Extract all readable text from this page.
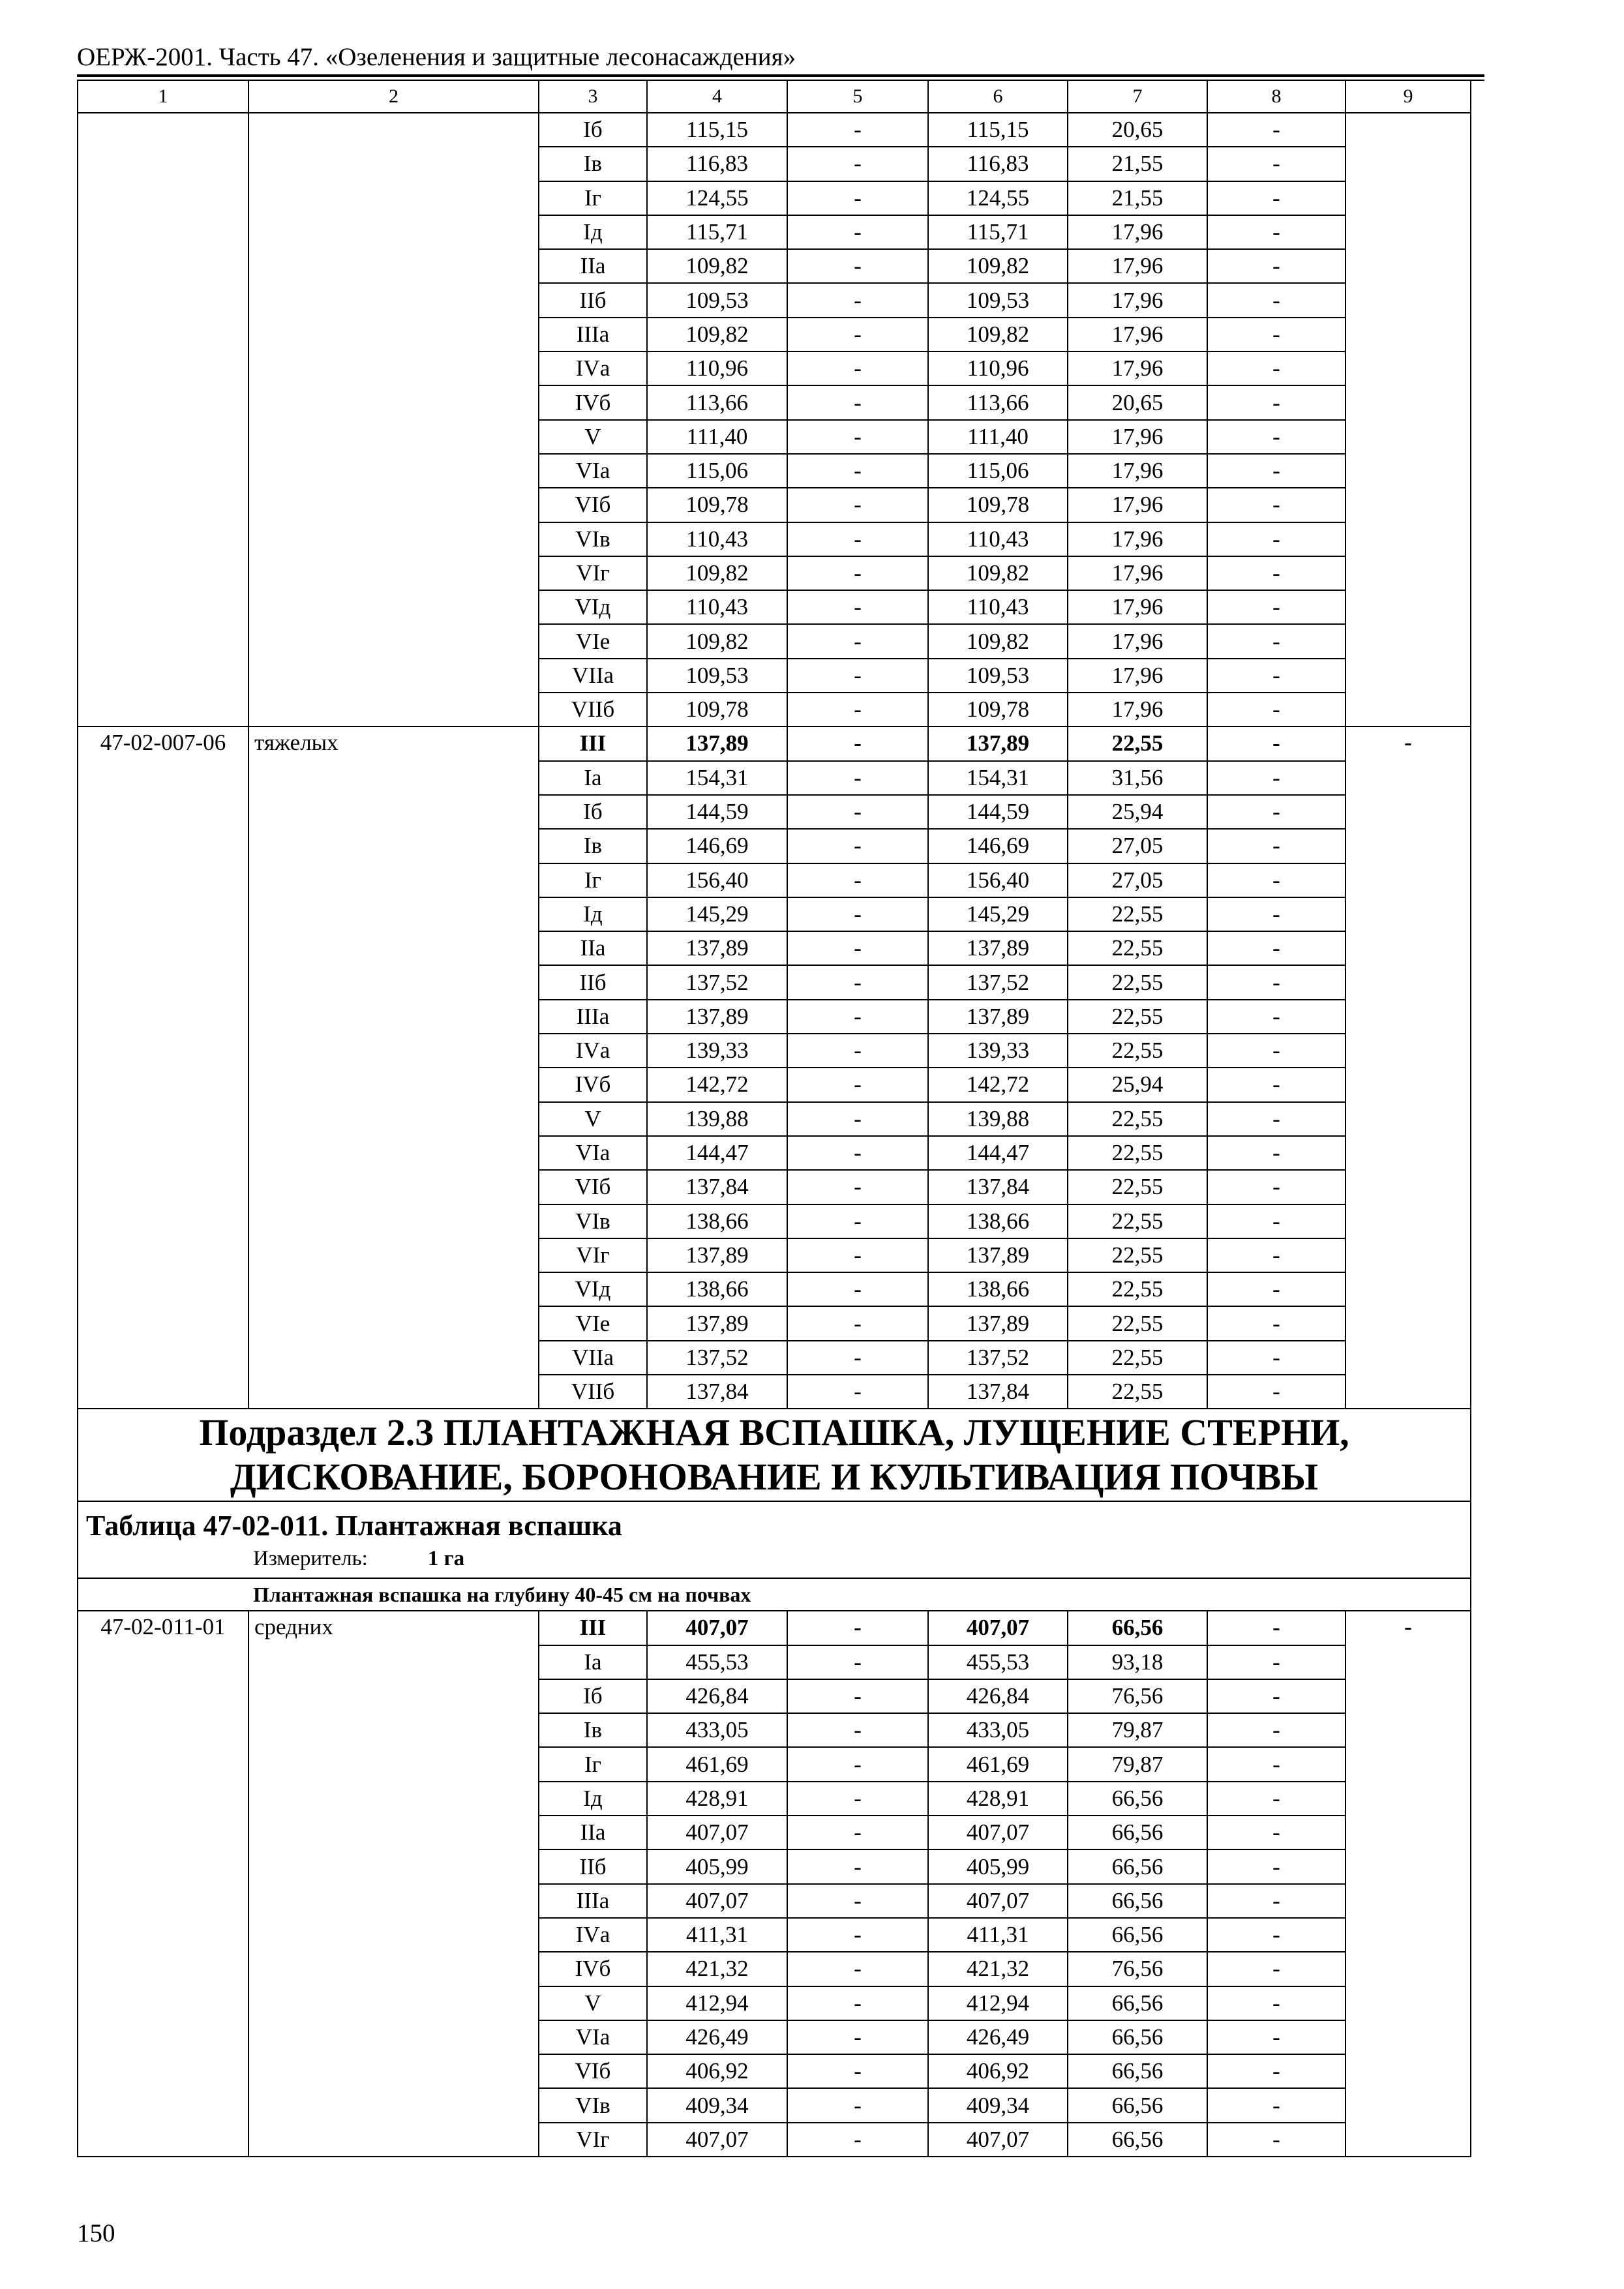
ОЕРЖ-2001. Часть 47. «Озеленения и защитные лесонасаждения»
1	2	3	4	5	6	7	8	9
		Iб	115,15	-	115,15	20,65	-	
		Iв	116,83	-	116,83	21,55	-	
		Iг	124,55	-	124,55	21,55	-	
		Iд	115,71	-	115,71	17,96	-	
		IIа	109,82	-	109,82	17,96	-	
		IIб	109,53	-	109,53	17,96	-	
		IIIа	109,82	-	109,82	17,96	-	
		IVа	110,96	-	110,96	17,96	-	
		IVб	113,66	-	113,66	20,65	-	
		V	111,40	-	111,40	17,96	-	
		VIа	115,06	-	115,06	17,96	-	
		VIб	109,78	-	109,78	17,96	-	
		VIв	110,43	-	110,43	17,96	-	
		VIг	109,82	-	109,82	17,96	-	
		VIд	110,43	-	110,43	17,96	-	
		VIе	109,82	-	109,82	17,96	-	
		VIIа	109,53	-	109,53	17,96	-	
		VIIб	109,78	-	109,78	17,96	-	
47-02-007-06	тяжелых	III	137,89	-	137,89	22,55	-	-
		Iа	154,31	-	154,31	31,56	-	
		Iб	144,59	-	144,59	25,94	-	
		Iв	146,69	-	146,69	27,05	-	
		Iг	156,40	-	156,40	27,05	-	
		Iд	145,29	-	145,29	22,55	-	
		IIа	137,89	-	137,89	22,55	-	
		IIб	137,52	-	137,52	22,55	-	
		IIIа	137,89	-	137,89	22,55	-	
		IVа	139,33	-	139,33	22,55	-	
		IVб	142,72	-	142,72	25,94	-	
		V	139,88	-	139,88	22,55	-	
		VIа	144,47	-	144,47	22,55	-	
		VIб	137,84	-	137,84	22,55	-	
		VIв	138,66	-	138,66	22,55	-	
		VIг	137,89	-	137,89	22,55	-	
		VIд	138,66	-	138,66	22,55	-	
		VIе	137,89	-	137,89	22,55	-	
		VIIа	137,52	-	137,52	22,55	-	
		VIIб	137,84	-	137,84	22,55	-	

Подраздел 2.3 ПЛАНТАЖНАЯ ВСПАШКА, ЛУЩЕНИЕ СТЕРНИ,
ДИСКОВАНИЕ, БОРОНОВАНИЕ И КУЛЬТИВАЦИЯ ПОЧВЫ								

Таблица 47-02-011. Плантажная вспашка
Измеритель: 1 га								

Плантажная вспашка на глубину 40-45 см на почвах								
47-02-011-01	средних	III	407,07	-	407,07	66,56	-	-
		Iа	455,53	-	455,53	93,18	-	
		Iб	426,84	-	426,84	76,56	-	
		Iв	433,05	-	433,05	79,87	-	
		Iг	461,69	-	461,69	79,87	-	
		Iд	428,91	-	428,91	66,56	-	
		IIа	407,07	-	407,07	66,56	-	
		IIб	405,99	-	405,99	66,56	-	
		IIIа	407,07	-	407,07	66,56	-	
		IVа	411,31	-	411,31	66,56	-	
		IVб	421,32	-	421,32	76,56	-	
		V	412,94	-	412,94	66,56	-	
		VIа	426,49	-	426,49	66,56	-	
		VIб	406,92	-	406,92	66,56	-	
		VIв	409,34	-	409,34	66,56	-	
		VIг	407,07	-	407,07	66,56	-	
150
